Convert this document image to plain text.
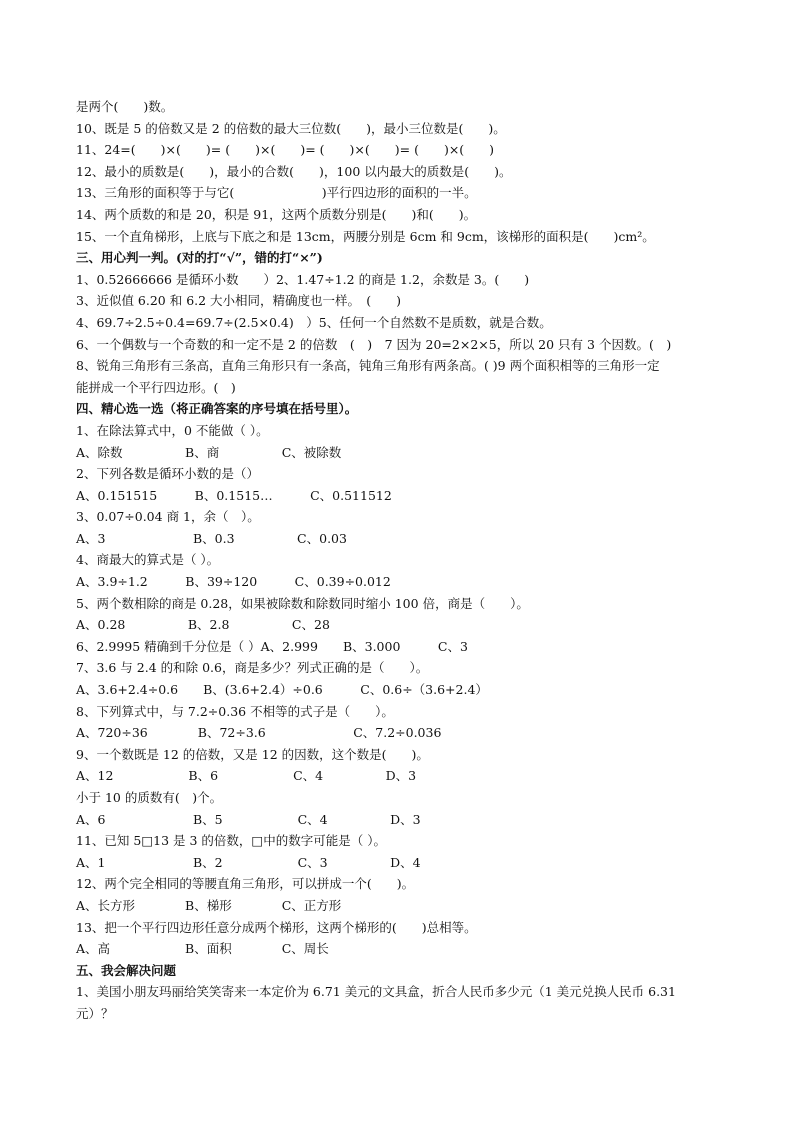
是两个(　　)数。
10、既是 5 的倍数又是 2 的倍数的最大三位数(　　)，最小三位数是(　　)。
11、24=(　　)×(　　)= (　　)×(　　)= (　　)×(　　)= (　　)×(　　)
12、最小的质数是(　　)，最小的合数(　　)，100 以内最大的质数是(　　)。
13、三角形的面积等于与它(　　　　　　　)平行四边形的面积的一半。
14、两个质数的和是 20，积是 91，这两个质数分别是(　　)和(　　)。
15、一个直角梯形，上底与下底之和是 13cm，两腰分别是 6cm 和 9cm，该梯形的面积是(　　)cm²。
三、用心判一判。(对的打“√”，错的打“×”)
1、0.52666666 是循环小数　　）2、1.47÷1.2 的商是 1.2，余数是 3。(　　)
3、近似值 6.20 和 6.2 大小相同，精确度也一样。　(　　)
4、69.7÷2.5÷0.4=69.7÷(2.5×0.4)　）5、任何一个自然数不是质数，就是合数。
6、一个偶数与一个奇数的和一定不是 2 的倍数　(　)　7 因为 20=2×2×5，所以 20 只有 3 个因数。(　)
8、锐角三角形有三条高，直角三角形只有一条高，钝角三角形有两条高。( )9 两个面积相等的三角形一定
能拼成一个平行四边形。(　)
四、精心选一选（将正确答案的序号填在括号里）。
1、在除法算式中，0 不能做（ ）。
A、除数　　　　　B、商　　　　　C、被除数
2、下列各数是循环小数的是（）
A、0.151515　　　B、0.1515…　　　C、0.511512
3、0.07÷0.04 商 1，余（　）。
A、3　　　　　　　B、0.3　　　　　C、0.03
4、商最大的算式是（ ）。
A、3.9÷1.2　　　B、39÷120　　　C、0.39÷0.012
5、两个数相除的商是 0.28，如果被除数和除数同时缩小 100 倍，商是（　　）。
A、0.28　　　　　B、2.8　　　　　C、28
6、2.9995 精确到千分位是（ ）A、2.999　　B、3.000　　　C、3
7、3.6 与 2.4 的和除 0.6，商是多少？列式正确的是（　　）。
A、3.6+2.4÷0.6　　B、(3.6+2.4）÷0.6　　　C、0.6÷（3.6+2.4）
8、下列算式中，与 7.2÷0.36 不相等的式子是（　　）。
A、720÷36　　　　B、72÷3.6　　　　　　　C、7.2÷0.036
9、一个数既是 12 的倍数，又是 12 的因数，这个数是(　　)。
A、12　　　　　　B、6　　　　　　C、4　　　　　D、3
小于 10 的质数有(　)个。
A、6　　　　　　　B、5　　　　　　C、4　　　　　D、3
11、已知 5□13 是 3 的倍数，□中的数字可能是（ ）。
A、1　　　　　　　B、2　　　　　　C、3　　　　　D、4
12、两个完全相同的等腰直角三角形，可以拼成一个(　　)。
A、长方形　　　　B、梯形　　　　C、正方形
13、把一个平行四边形任意分成两个梯形，这两个梯形的(　　)总相等。
A、高　　　　　　B、面积　　　　C、周长
五、我会解决问题
1、美国小朋友玛丽给笑笑寄来一本定价为 6.71 美元的文具盒，折合人民币多少元（1 美元兑换人民币 6.31
元）？
